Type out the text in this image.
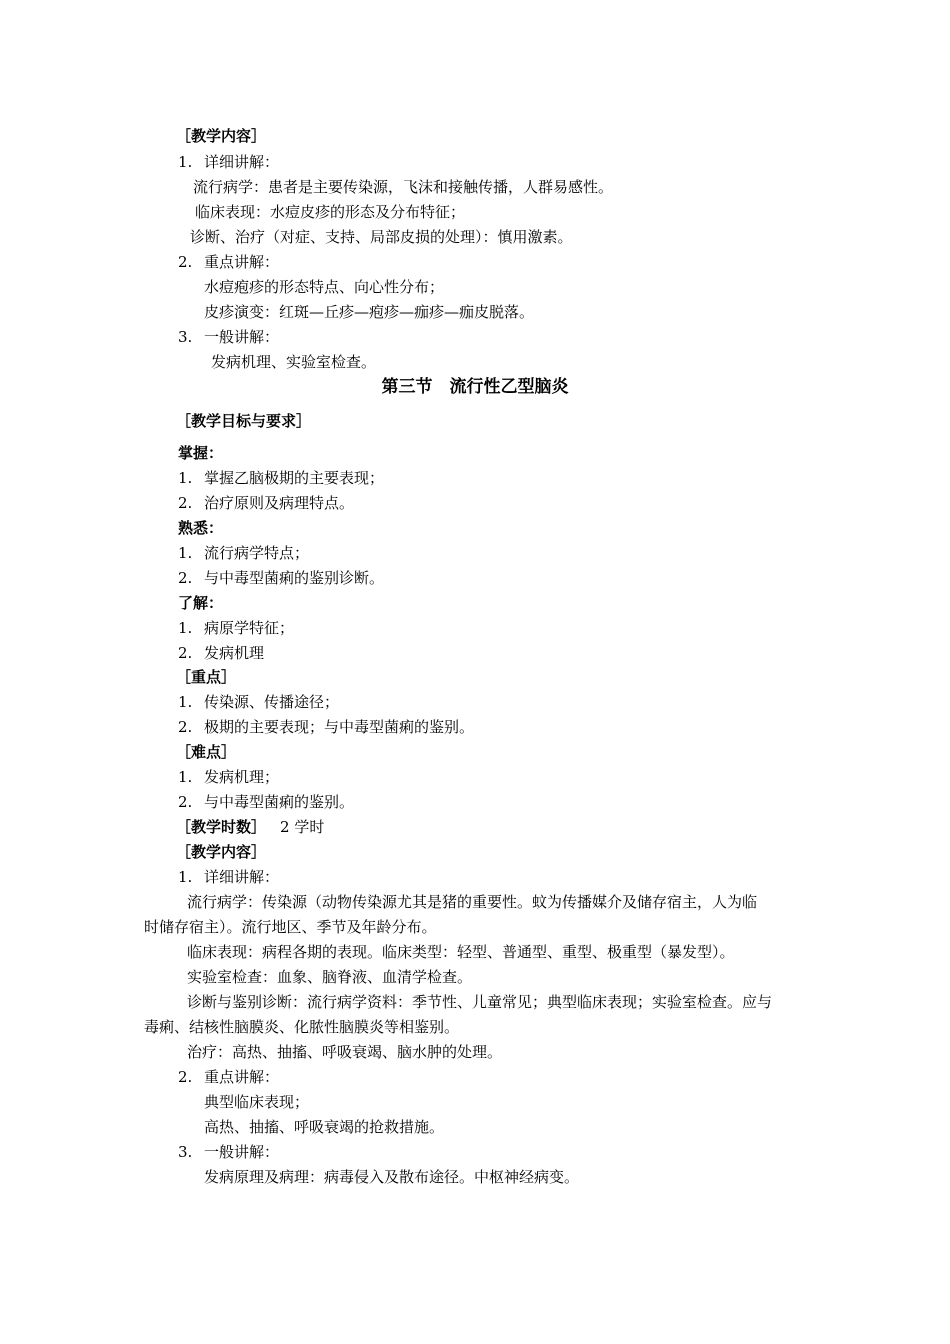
［教学内容］
1. 详细讲解：
流行病学：患者是主要传染源，飞沫和接触传播，人群易感性。
临床表现：水痘皮疹的形态及分布特征；
诊断、治疗（对症、支持、局部皮损的处理）：慎用激素。
2. 重点讲解：
水痘疱疹的形态特点、向心性分布；
皮疹演变：红斑—丘疹—疱疹—痂疹—痂皮脱落。
3. 一般讲解：
发病机理、实验室检查。
第三节　流行性乙型脑炎
［教学目标与要求］
掌握：
1. 掌握乙脑极期的主要表现；
2. 治疗原则及病理特点。
熟悉：
1. 流行病学特点；
2. 与中毒型菌痢的鉴别诊断。
了解：
1. 病原学特征；
2. 发病机理
［重点］
1. 传染源、传播途径；
2. 极期的主要表现；与中毒型菌痢的鉴别。
［难点］
1. 发病机理；
2. 与中毒型菌痢的鉴别。
［教学时数］ 2 学时
［教学内容］
1. 详细讲解：
流行病学：传染源（动物传染源尤其是猪的重要性。蚊为传播媒介及储存宿主，人为临
时储存宿主）。流行地区、季节及年龄分布。
临床表现：病程各期的表现。临床类型：轻型、普通型、重型、极重型（暴发型）。
实验室检查：血象、脑脊液、血清学检查。
诊断与鉴别诊断：流行病学资料：季节性、儿童常见；典型临床表现；实验室检查。应与
毒痢、结核性脑膜炎、化脓性脑膜炎等相鉴别。
治疗：高热、抽搐、呼吸衰竭、脑水肿的处理。
2. 重点讲解：
典型临床表现；
高热、抽搐、呼吸衰竭的抢救措施。
3. 一般讲解：
发病原理及病理：病毒侵入及散布途径。中枢神经病变。
